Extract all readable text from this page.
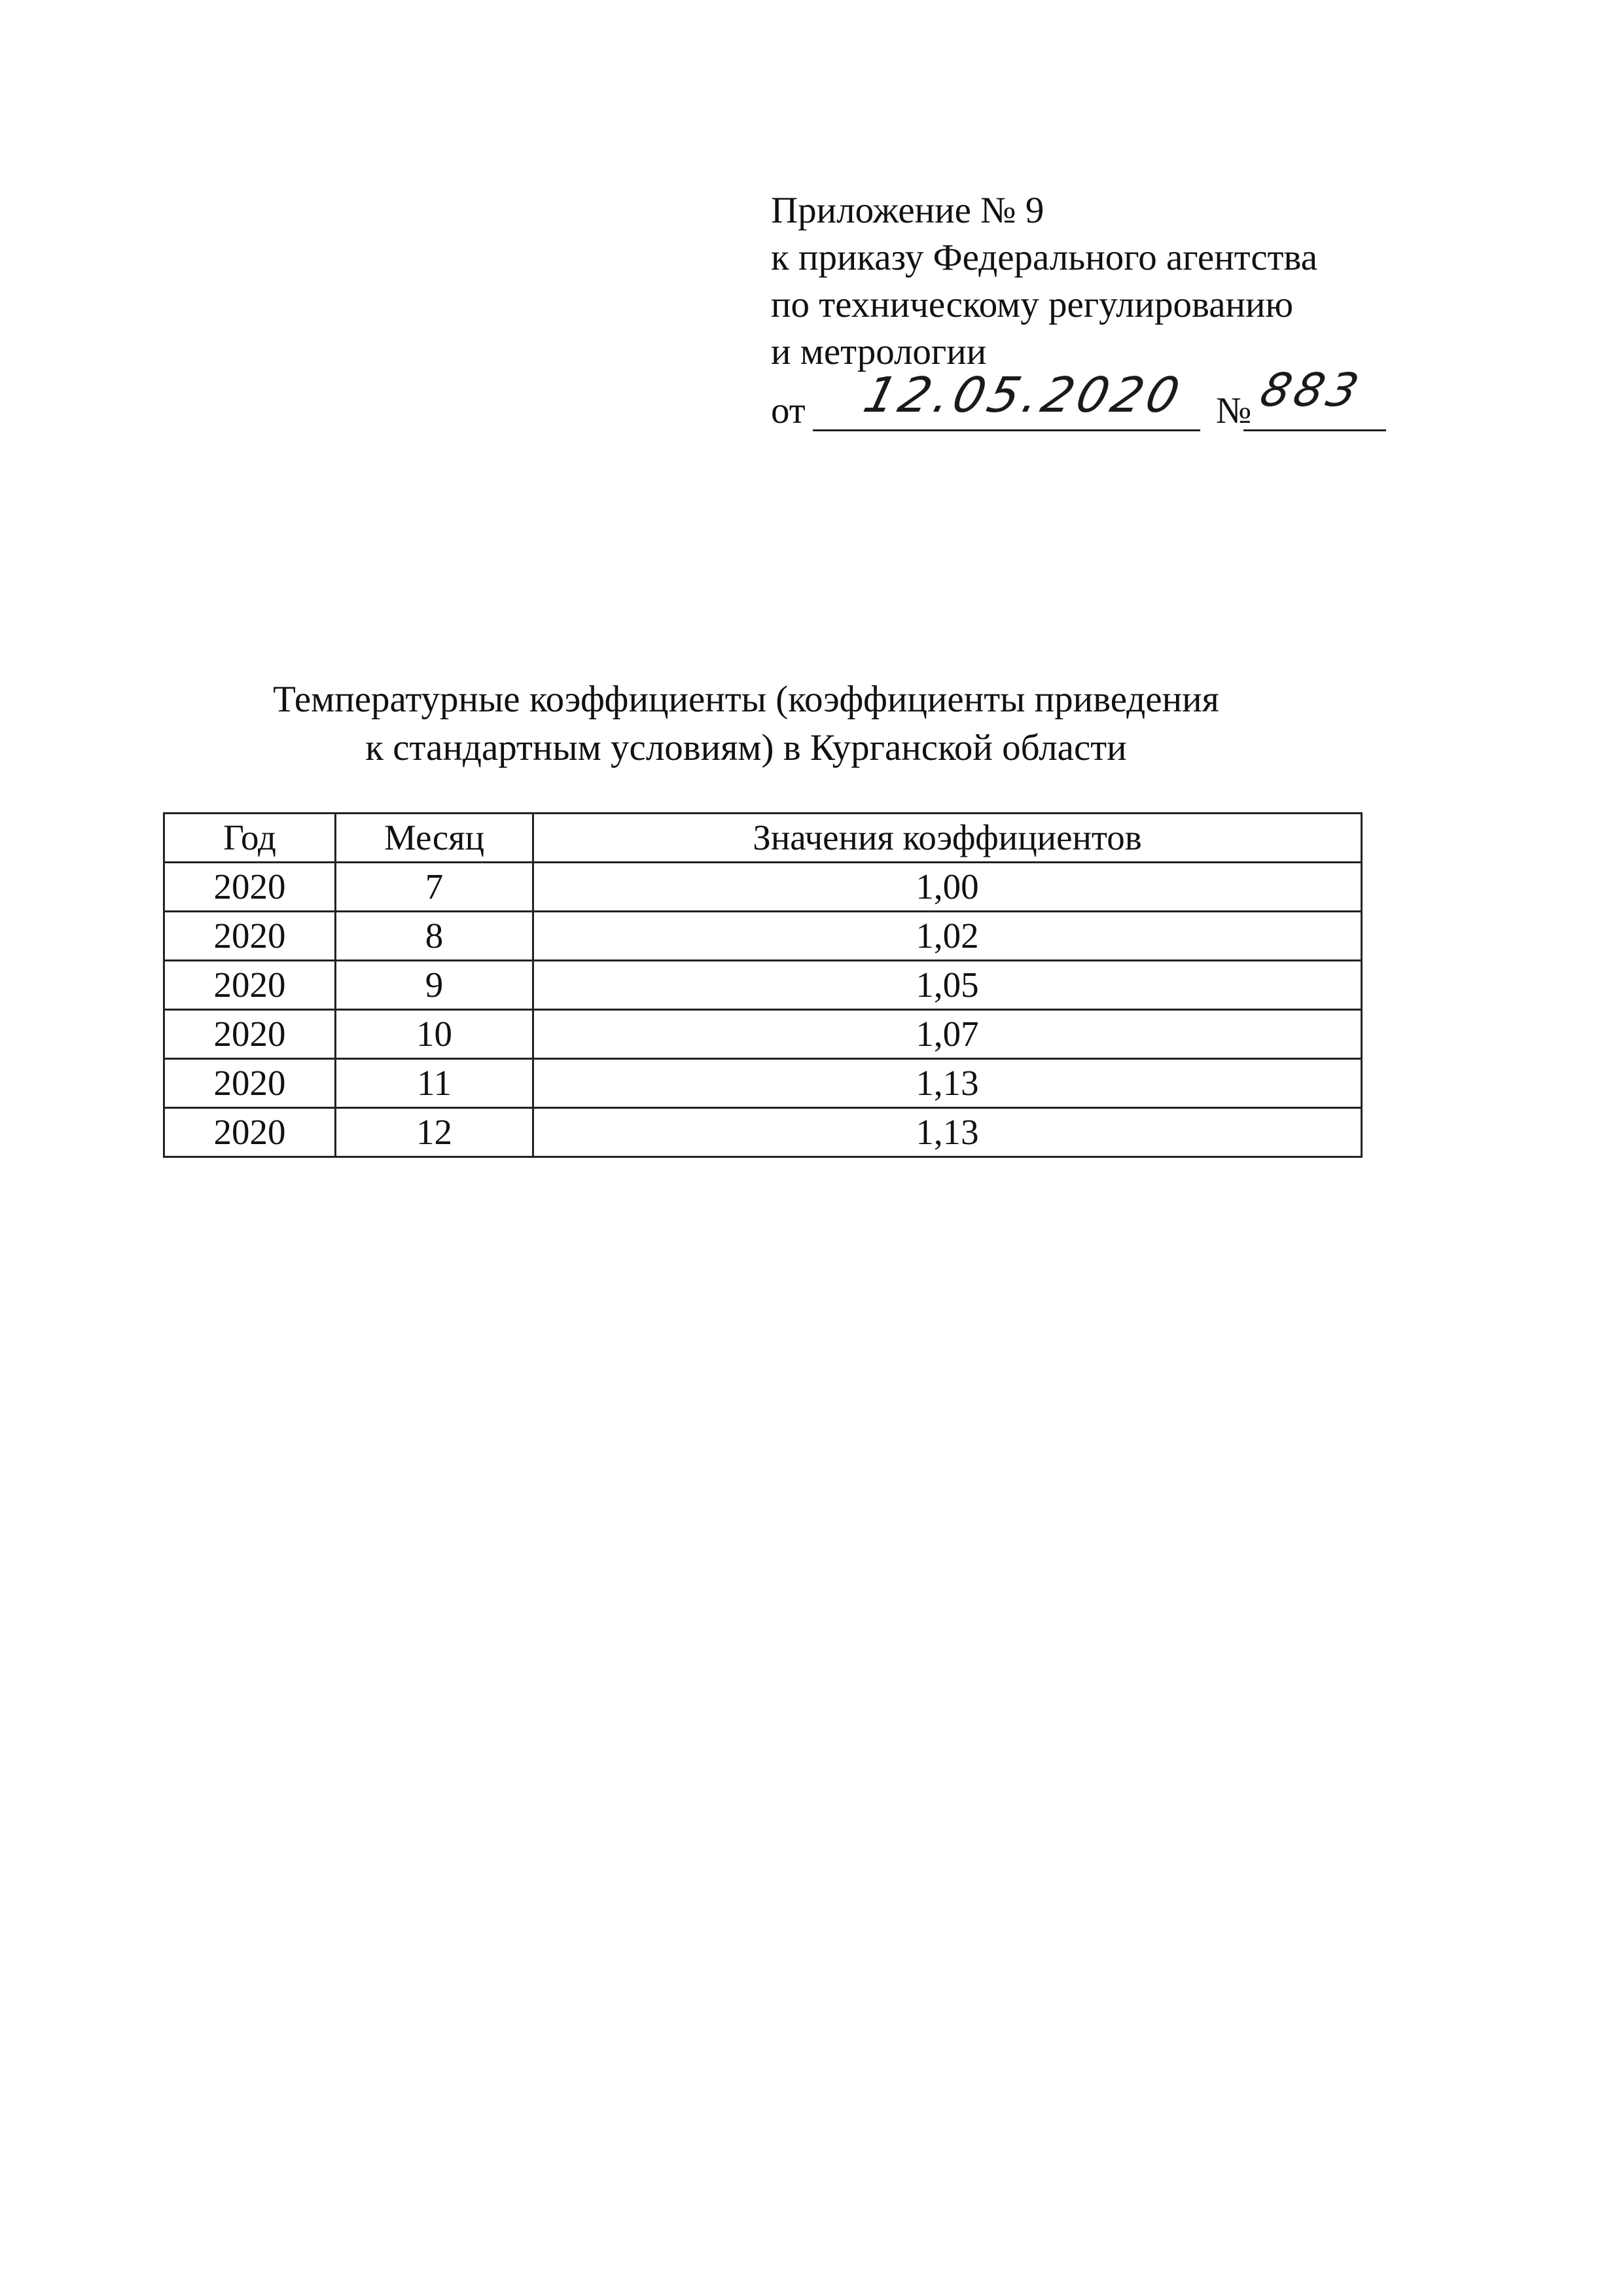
Приложение № 9
к приказу Федерального агентства
по техническому регулированию
и метрологии
от 12.05.2020 № 883
Температурные коэффициенты (коэффициенты приведения
к стандартным условиям) в Курганской области
Год	Месяц	Значения коэффициентов
2020	7	1,00
2020	8	1,02
2020	9	1,05
2020	10	1,07
2020	11	1,13
2020	12	1,13
